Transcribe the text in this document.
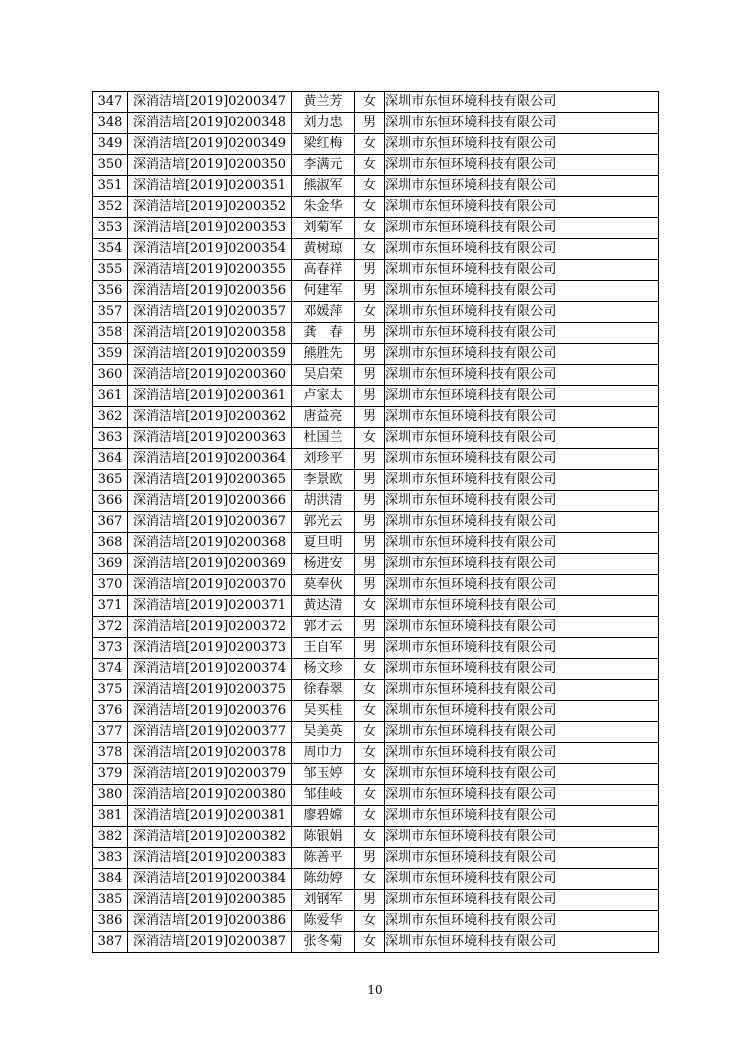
347	深消洁培[2019]0200347	黄兰芳	女	深圳市东恒环境科技有限公司
348	深消洁培[2019]0200348	刘力忠	男	深圳市东恒环境科技有限公司
349	深消洁培[2019]0200349	梁红梅	女	深圳市东恒环境科技有限公司
350	深消洁培[2019]0200350	李满元	女	深圳市东恒环境科技有限公司
351	深消洁培[2019]0200351	熊淑军	女	深圳市东恒环境科技有限公司
352	深消洁培[2019]0200352	朱金华	女	深圳市东恒环境科技有限公司
353	深消洁培[2019]0200353	刘菊军	女	深圳市东恒环境科技有限公司
354	深消洁培[2019]0200354	黄树琼	女	深圳市东恒环境科技有限公司
355	深消洁培[2019]0200355	高春祥	男	深圳市东恒环境科技有限公司
356	深消洁培[2019]0200356	何建军	男	深圳市东恒环境科技有限公司
357	深消洁培[2019]0200357	邓媛萍	女	深圳市东恒环境科技有限公司
358	深消洁培[2019]0200358	龚　春	男	深圳市东恒环境科技有限公司
359	深消洁培[2019]0200359	熊胜先	男	深圳市东恒环境科技有限公司
360	深消洁培[2019]0200360	吴启荣	男	深圳市东恒环境科技有限公司
361	深消洁培[2019]0200361	卢家太	男	深圳市东恒环境科技有限公司
362	深消洁培[2019]0200362	唐益亮	男	深圳市东恒环境科技有限公司
363	深消洁培[2019]0200363	杜国兰	女	深圳市东恒环境科技有限公司
364	深消洁培[2019]0200364	刘珍平	男	深圳市东恒环境科技有限公司
365	深消洁培[2019]0200365	李景欧	男	深圳市东恒环境科技有限公司
366	深消洁培[2019]0200366	胡洪清	男	深圳市东恒环境科技有限公司
367	深消洁培[2019]0200367	郭光云	男	深圳市东恒环境科技有限公司
368	深消洁培[2019]0200368	夏旦明	男	深圳市东恒环境科技有限公司
369	深消洁培[2019]0200369	杨进安	男	深圳市东恒环境科技有限公司
370	深消洁培[2019]0200370	莫奉伙	男	深圳市东恒环境科技有限公司
371	深消洁培[2019]0200371	黄达清	女	深圳市东恒环境科技有限公司
372	深消洁培[2019]0200372	郭才云	男	深圳市东恒环境科技有限公司
373	深消洁培[2019]0200373	王自军	男	深圳市东恒环境科技有限公司
374	深消洁培[2019]0200374	杨文珍	女	深圳市东恒环境科技有限公司
375	深消洁培[2019]0200375	徐春翠	女	深圳市东恒环境科技有限公司
376	深消洁培[2019]0200376	吴买桂	女	深圳市东恒环境科技有限公司
377	深消洁培[2019]0200377	吴美英	女	深圳市东恒环境科技有限公司
378	深消洁培[2019]0200378	周巾力	女	深圳市东恒环境科技有限公司
379	深消洁培[2019]0200379	邹玉婷	女	深圳市东恒环境科技有限公司
380	深消洁培[2019]0200380	邹佳岐	女	深圳市东恒环境科技有限公司
381	深消洁培[2019]0200381	廖碧嫦	女	深圳市东恒环境科技有限公司
382	深消洁培[2019]0200382	陈银娟	女	深圳市东恒环境科技有限公司
383	深消洁培[2019]0200383	陈善平	男	深圳市东恒环境科技有限公司
384	深消洁培[2019]0200384	陈幼婷	女	深圳市东恒环境科技有限公司
385	深消洁培[2019]0200385	刘钢军	男	深圳市东恒环境科技有限公司
386	深消洁培[2019]0200386	陈爱华	女	深圳市东恒环境科技有限公司
387	深消洁培[2019]0200387	张冬菊	女	深圳市东恒环境科技有限公司
10
